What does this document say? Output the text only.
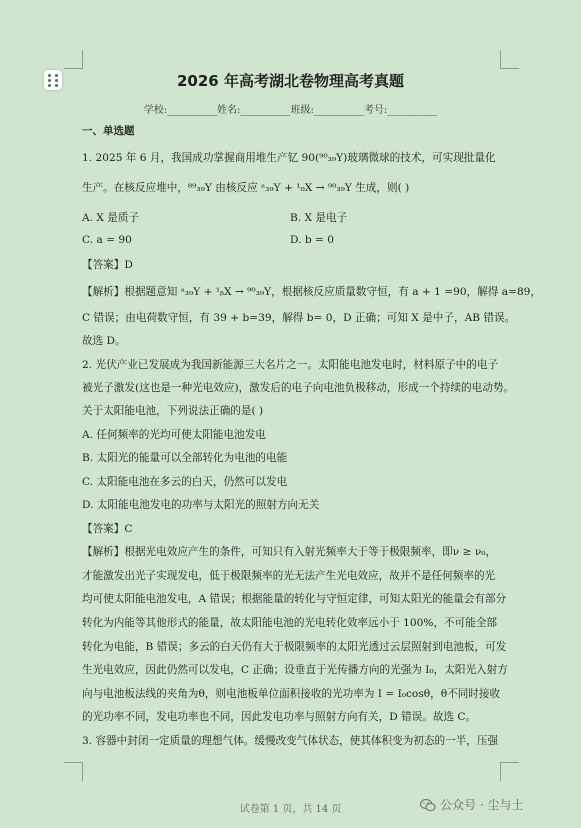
2026 年高考湖北卷物理高考真题
学校:__________姓名:__________班级:__________考号:__________
一、单选题
1. 2025 年 6 月，我国成功掌握商用堆生产钇 90(⁹⁰₃₉Y)玻璃微球的技术，可实现批量化
生产。在核反应堆中，⁸⁹₃₉Y 由核反应 ᵃ₃₉Y + ¹₀X → ⁹⁰₃₉Y 生成，则( )
A. X 是质子	B. X 是电子
C. a = 90	D. b = 0
【答案】D
【解析】根据题意知 ᵃ₃₉Y + ¹ᵦX → ⁹⁰₃₉Y，根据核反应质量数守恒，有 a + 1 =90，解得 a=89，
C 错误；由电荷数守恒，有 39 + b=39，解得 b= 0，D 正确；可知 X 是中子，AB 错误。
故选 D。
2. 光伏产业已发展成为我国新能源三大名片之一。太阳能电池发电时，材料原子中的电子
被光子激发(这也是一种光电效应)，激发后的电子向电池负极移动，形成一个持续的电动势。
关于太阳能电池，下列说法正确的是( )
A. 任何频率的光均可使太阳能电池发电
B. 太阳光的能量可以全部转化为电池的电能
C. 太阳能电池在多云的白天，仍然可以发电
D. 太阳能电池发电的功率与太阳光的照射方向无关
【答案】C
【解析】根据光电效应产生的条件，可知只有入射光频率大于等于极限频率，即ν ≥ ν₀，
才能激发出光子实现发电，低于极限频率的光无法产生光电效应，故并不是任何频率的光
均可使太阳能电池发电，A 错误；根据能量的转化与守恒定律，可知太阳光的能量会有部分
转化为内能等其他形式的能量，故太阳能电池的光电转化效率远小于 100%，不可能全部
转化为电能，B 错误；多云的白天仍有大于极限频率的太阳光透过云层照射到电池板，可发
生光电效应，因此仍然可以发电，C 正确；设垂直于光传播方向的光强为 I₀，太阳光入射方
向与电池板法线的夹角为θ，则电池板单位面积接收的光功率为 I = I₀cosθ，θ不同时接收
的光功率不同，发电功率也不同，因此发电功率与照射方向有关，D 错误。故选 C。
3. 容器中封闭一定质量的理想气体。缓慢改变气体状态，使其体积变为初态的一半，压强
试卷第 1 页，共 14 页	公众号 · 尘与土
